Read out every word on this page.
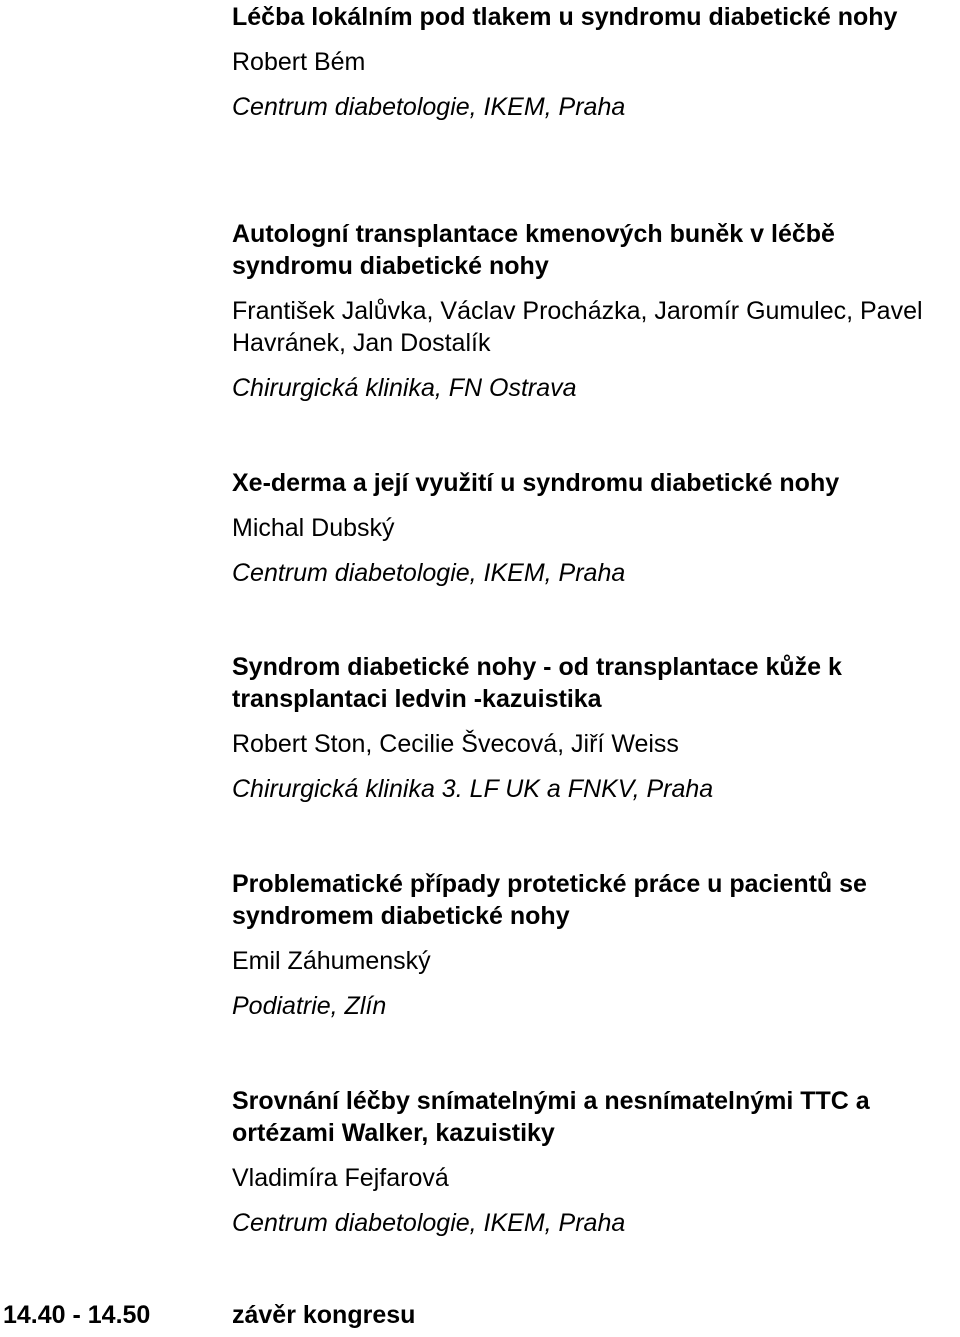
Léčba lokálním pod tlakem u syndromu diabetické nohy
Robert Bém
Centrum diabetologie, IKEM, Praha
Autologní transplantace kmenových buněk v léčbě syndromu diabetické nohy
František Jalůvka, Václav Procházka, Jaromír Gumulec, Pavel Havránek, Jan Dostalík
Chirurgická klinika, FN Ostrava
Xe-derma a její využití u syndromu diabetické nohy
Michal Dubský
Centrum diabetologie, IKEM, Praha
Syndrom diabetické nohy - od transplantace kůže k transplantaci ledvin -kazuistika
Robert Ston, Cecilie Švecová, Jiří Weiss
Chirurgická klinika 3. LF UK a FNKV, Praha
Problematické případy protetické práce u pacientů se syndromem diabetické nohy
Emil Záhumenský
Podiatrie, Zlín
Srovnání léčby snímatelnými a nesnímatelnými TTC a ortézami Walker, kazuistiky
Vladimíra Fejfarová
Centrum diabetologie, IKEM, Praha
14.40 - 14.50	závěr kongresu
